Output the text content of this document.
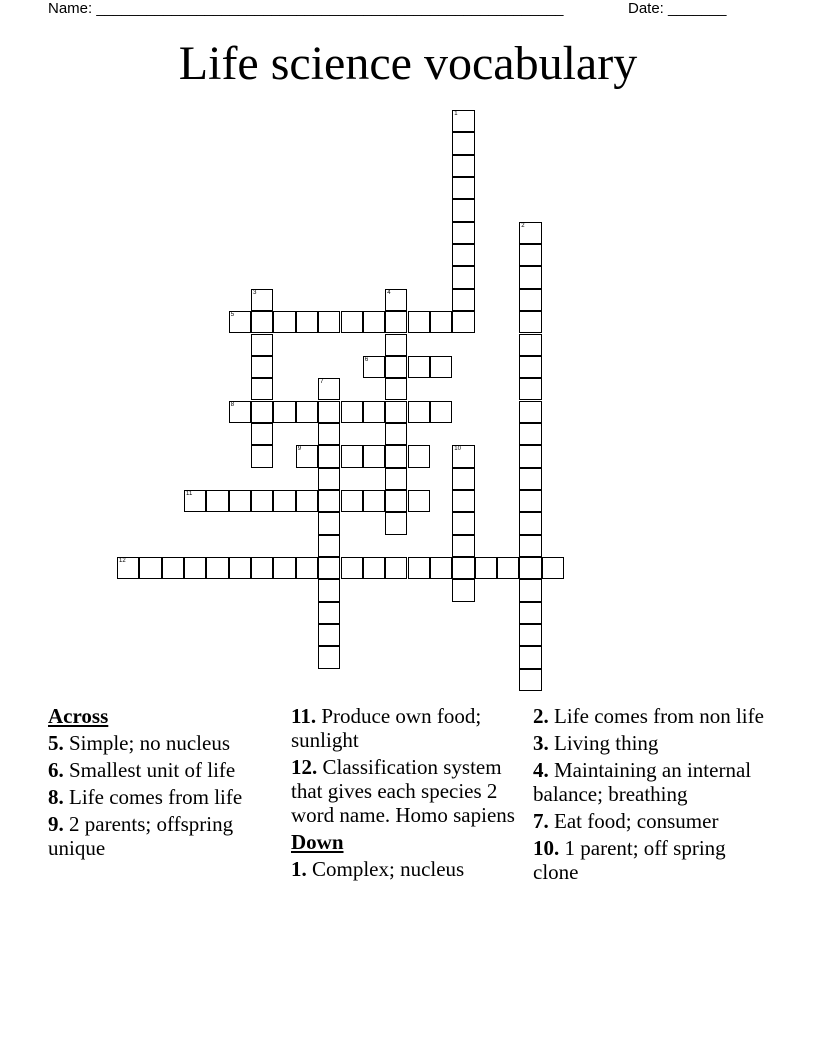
Name: ________________________________________________________	Date: _______
Life science vocabulary
1
2
3	4
5
6
7
8
9	10
11
12
Across
5. Simple; no nucleus
6. Smallest unit of life
8. Life comes from life
9. 2 parents; offspring unique
11. Produce own food; sunlight
12. Classification system that gives each species 2 word name. Homo sapiens
Down
1. Complex; nucleus
2. Life comes from non life
3. Living thing
4. Maintaining an internal balance; breathing
7. Eat food; consumer
10. 1 parent; off spring clone
